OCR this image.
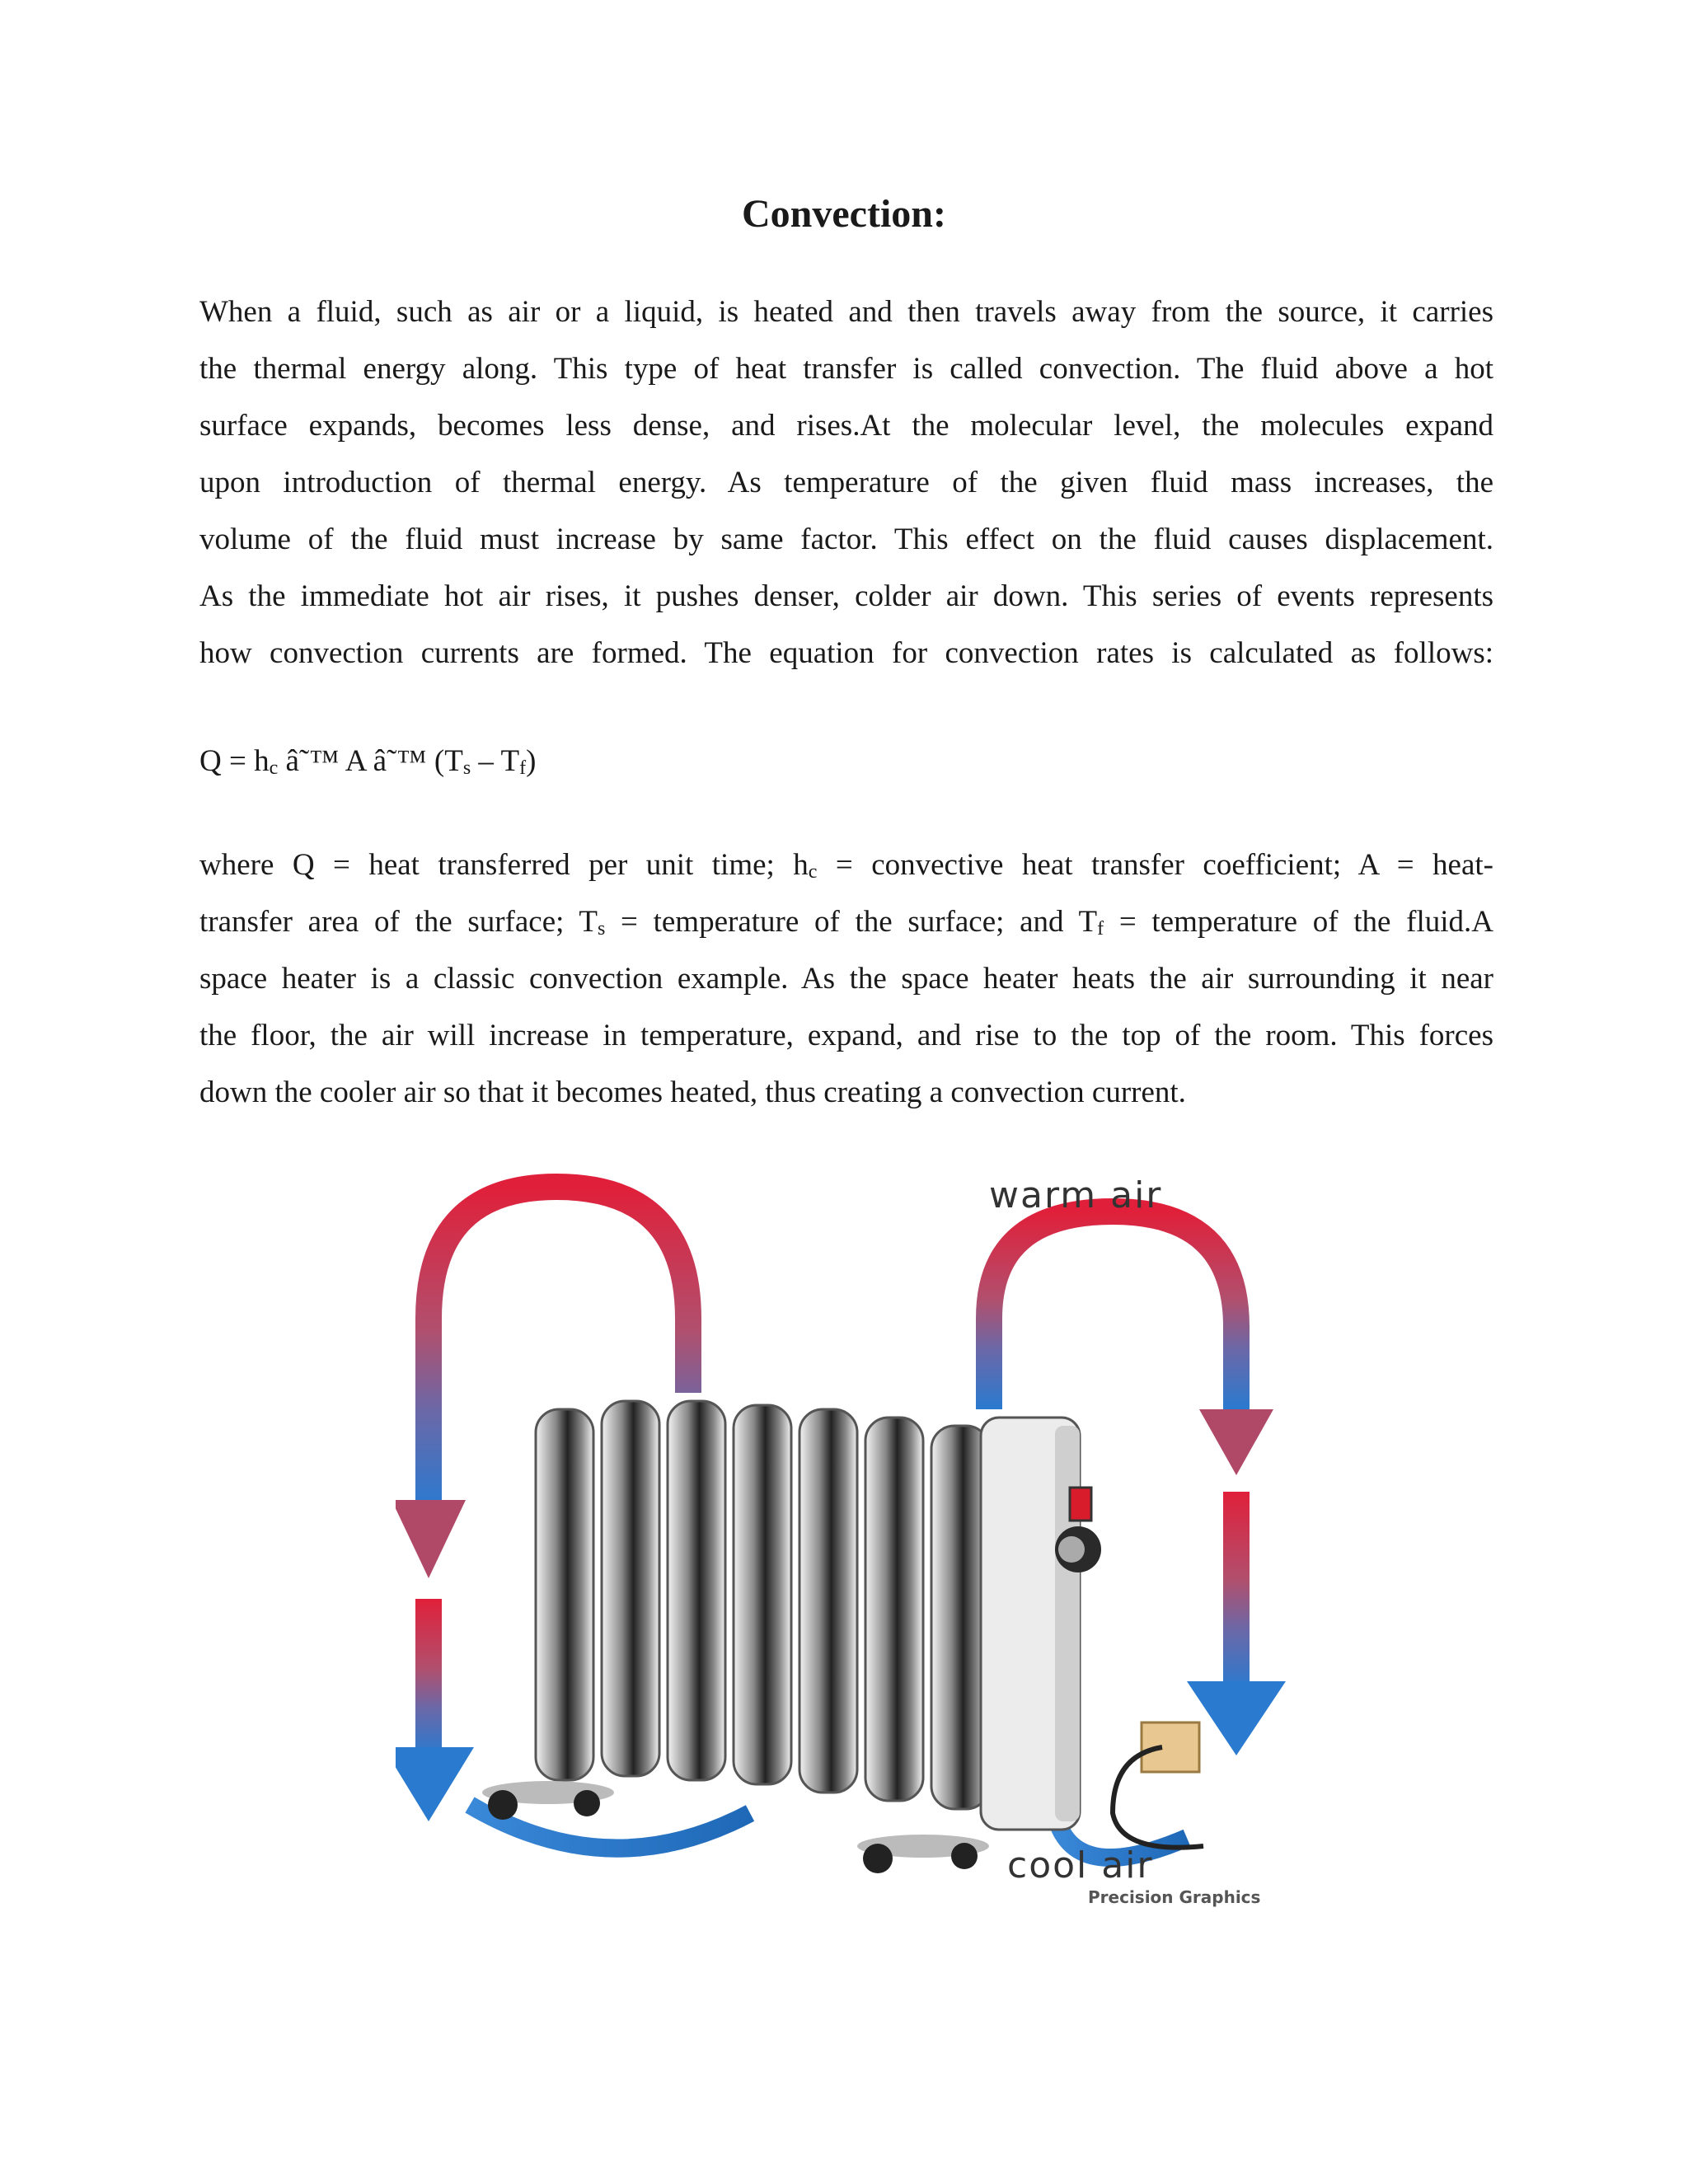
Convection:
When a fluid, such as air or a liquid, is heated and then travels away from the source, it carries
the thermal energy along. This type of heat transfer is called convection. The fluid above a hot
surface expands, becomes less dense, and rises.At the molecular level, the molecules expand
upon introduction of thermal energy. As temperature of the given fluid mass increases, the
volume of the fluid must increase by same factor. This effect on the fluid causes displacement.
As the immediate hot air rises, it pushes denser, colder air down. This series of events represents
how convection currents are formed. The equation for convection rates is calculated as follows:
$Q = h_c$ â˜™ A â˜™ $(T_s - T_f)$
where Q = heat transferred per unit time; $h_c$ = convective heat transfer coefficient; A = heat-
transfer area of the surface; $T_s$ = temperature of the surface; and $T_f$ = temperature of the fluid.A
space heater is a classic convection example. As the space heater heats the air surrounding it near
the floor, the air will increase in temperature, expand, and rise to the top of the room. This forces
down the cooler air so that it becomes heated, thus creating a convection current.
warm air
cool air
Precision Graphics
